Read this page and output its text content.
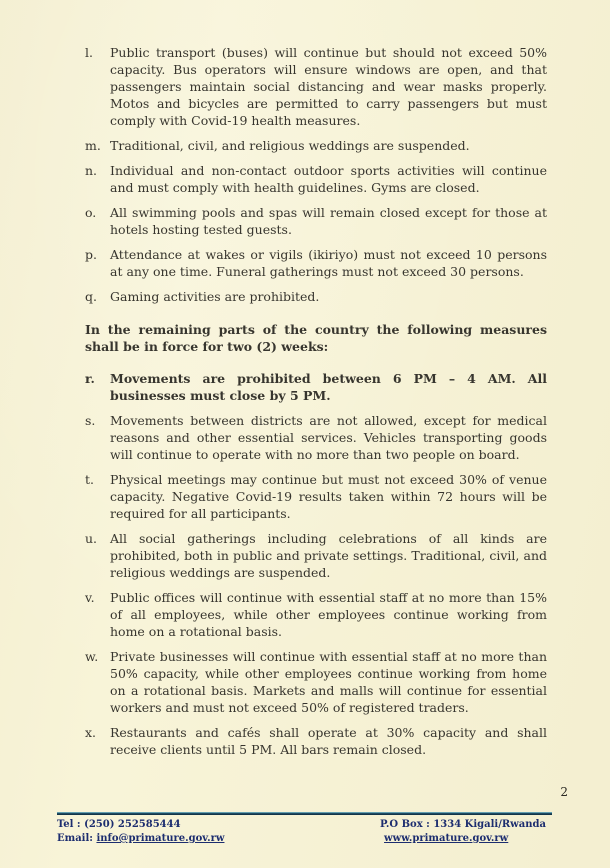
l.	Public transport (buses) will continue but should not exceed 50% capacity. Bus operators will ensure windows are open, and that passengers maintain social distancing and wear masks properly. Motos and bicycles are permitted to carry passengers but must comply with Covid-19 health measures.
m. Traditional, civil, and religious weddings are suspended.
n.	Individual and non-contact outdoor sports activities will continue and must comply with health guidelines. Gyms are closed.
o.	All swimming pools and spas will remain closed except for those at hotels hosting tested guests.
p.	Attendance at wakes or vigils (ikiriyo) must not exceed 10 persons at any one time. Funeral gatherings must not exceed 30 persons.
q.	Gaming activities are prohibited.
In the remaining parts of the country the following measures shall be in force for two (2) weeks:
r.	Movements are prohibited between 6 PM – 4 AM. All businesses must close by 5 PM.
s.	Movements between districts are not allowed, except for medical reasons and other essential services. Vehicles transporting goods will continue to operate with no more than two people on board.
t.	Physical meetings may continue but must not exceed 30% of venue capacity. Negative Covid-19 results taken within 72 hours will be required for all participants.
u.	All social gatherings including celebrations of all kinds are prohibited, both in public and private settings. Traditional, civil, and religious weddings are suspended.
v.	Public offices will continue with essential staff at no more than 15% of all employees, while other employees continue working from home on a rotational basis.
w. Private businesses will continue with essential staff at no more than 50% capacity, while other employees continue working from home on a rotational basis. Markets and malls will continue for essential workers and must not exceed 50% of registered traders.
x.	Restaurants and cafés shall operate at 30% capacity and shall receive clients until 5 PM. All bars remain closed.
2
Tel : (250) 252585444
Email: info@primature.gov.rw
P.O Box : 1334 Kigali/Rwanda
www.primature.gov.rw
